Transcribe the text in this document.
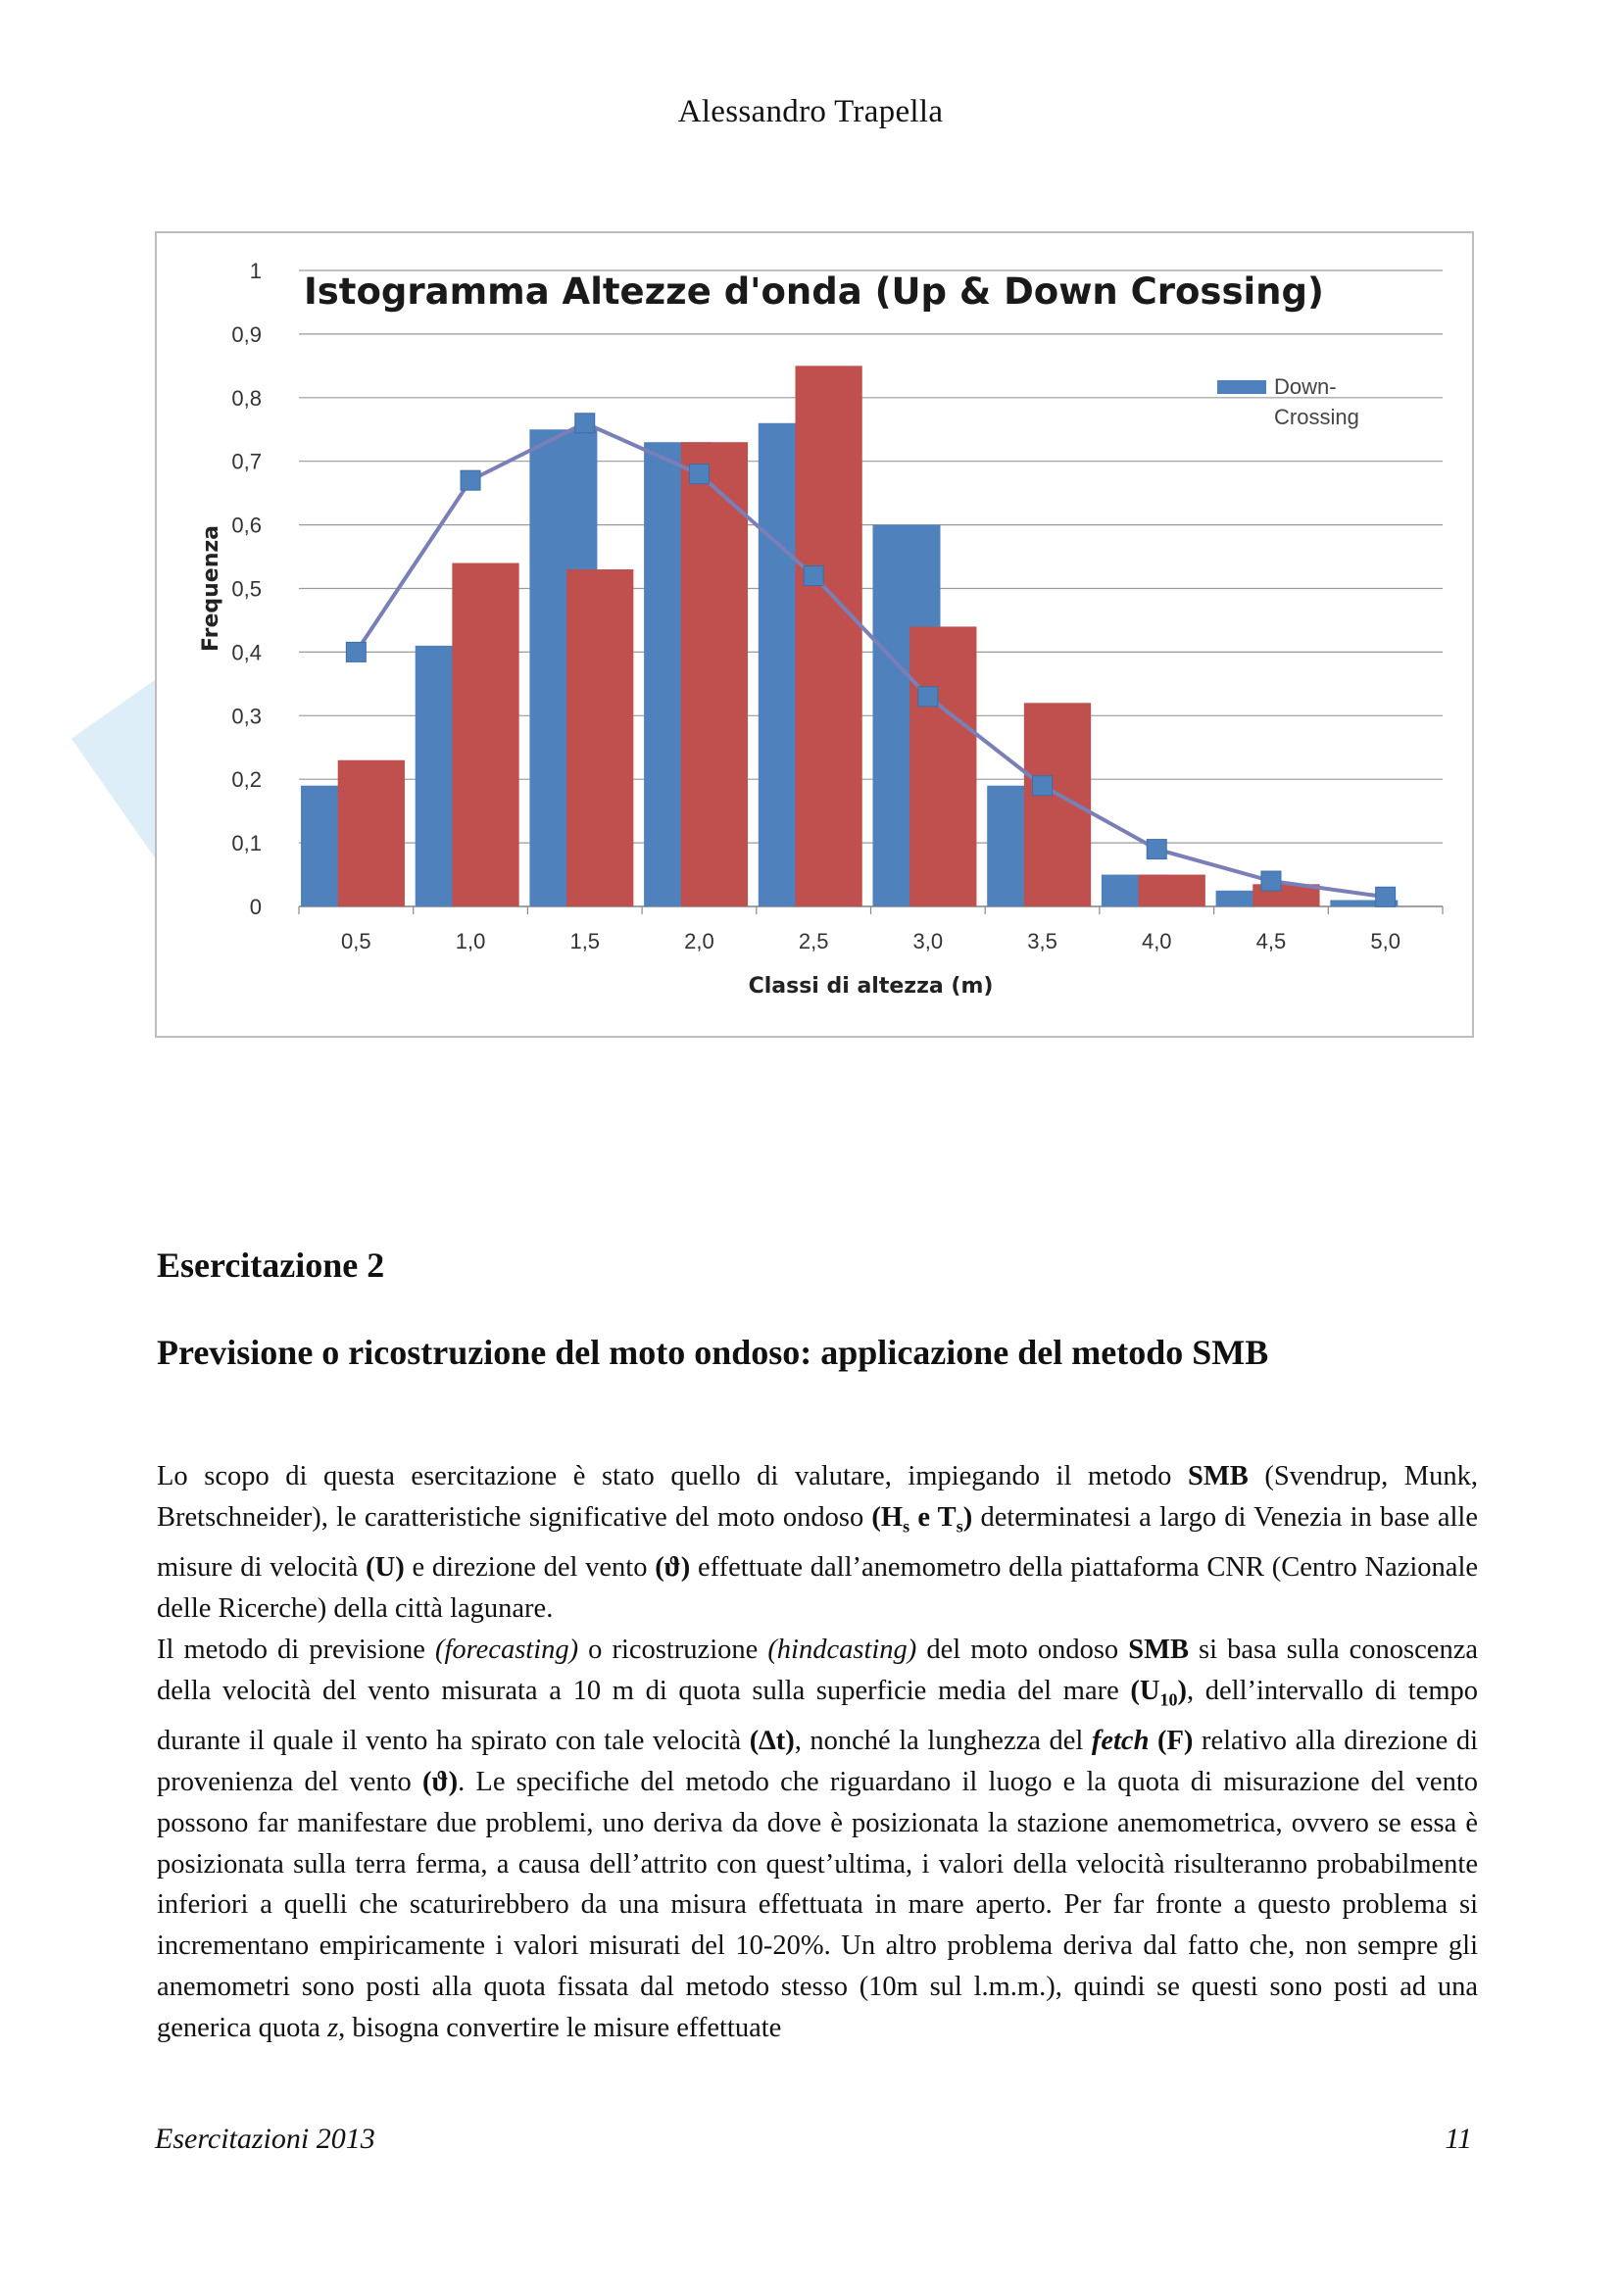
Alessandro Trapella
0
0,1
0,2
0,3
0,4
0,5
0,6
0,7
0,8
0,9
1
0,5	1,0	1,5	2,0	2,5	3,0	3,5	4,0	4,5	5,0
Istogramma Altezze d'onda (Up & Down Crossing)
Frequenza
Classi di altezza (m)
Down-
Crossing
Esercitazione 2
Previsione o ricostruzione del moto ondoso: applicazione del metodo SMB

Lo scopo di questa esercitazione è stato quello di valutare, impiegando il metodo SMB (Svendrup, Munk, Bretschneider), le caratteristiche significative del moto ondoso ($H_s$ e $T_s$) determinatesi a largo di Venezia in base alle misure di velocità (U) e direzione del vento (ϑ) effettuate dall’anemometro della piattaforma CNR (Centro Nazionale delle Ricerche) della città lagunare.

Il metodo di previsione (forecasting) o ricostruzione (hindcasting) del moto ondoso SMB si basa sulla conoscenza della velocità del vento misurata a 10 m di quota sulla superficie media del mare $(U_{10})$, dell’intervallo di tempo durante il quale il vento ha spirato con tale velocità (∆t), nonché la lunghezza del fetch (F) relativo alla direzione di provenienza del vento (ϑ). Le specifiche del metodo che riguardano il luogo e la quota di misurazione del vento possono far manifestare due problemi, uno deriva da dove è posizionata la stazione anemometrica, ovvero se essa è posizionata sulla terra ferma, a causa dell’attrito con quest’ultima, i valori della velocità risulteranno probabilmente inferiori a quelli che scaturirebbero da una misura effettuata in mare aperto. Per far fronte a questo problema si incrementano empiricamente i valori misurati del 10-20%. Un altro problema deriva dal fatto che, non sempre gli anemometri sono posti alla quota fissata dal metodo stesso (10m sul l.m.m.), quindi se questi sono posti ad una generica quota z, bisogna convertire le misure effettuate

Esercitazioni 2013	11
